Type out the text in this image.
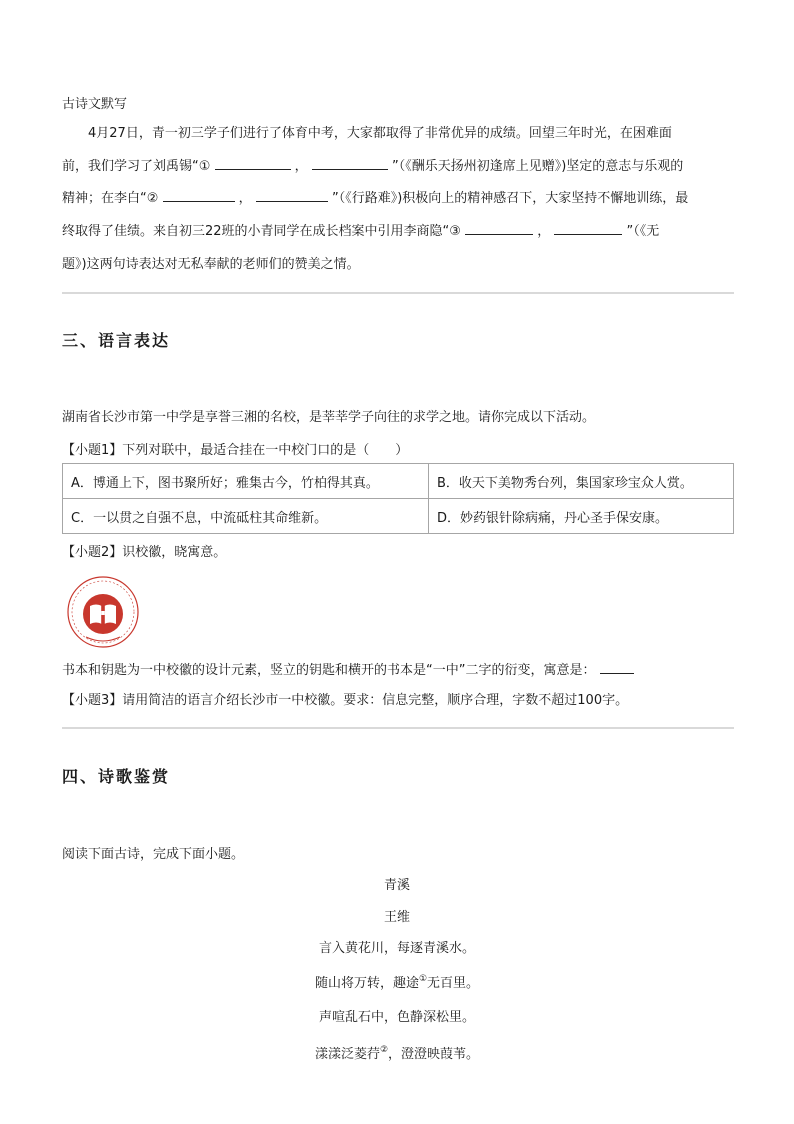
古诗文默写
4月27日，青一初三学子们进行了体育中考，大家都取得了非常优异的成绩。回望三年时光，在困难面
前，我们学习了刘禹锡“①	，	”（《酬乐天扬州初逢席上见赠》)坚定的意志与乐观的
精神；在李白“②	，	”（《行路难》)积极向上的精神感召下，大家坚持不懈地训练，最
终取得了佳绩。来自初三22班的小青同学在成长档案中引用李商隐“③	，	”（《无
题》)这两句诗表达对无私奉献的老师们的赞美之情。
三、语言表达
湖南省长沙市第一中学是享誉三湘的名校，是莘莘学子向往的求学之地。请你完成以下活动。
【小题1】下列对联中，最适合挂在一中校门口的是（　　）
A．博通上下，图书聚所好；雅集古今，竹柏得其真。	B．收天下美物秀台列，集国家珍宝众人赏。
C．一以贯之自强不息，中流砥柱其命维新。	D．妙药银针除病痛，丹心圣手保安康。
【小题2】识校徽，晓寓意。
书本和钥匙为一中校徽的设计元素，竖立的钥匙和横开的书本是“一中”二字的衍变，寓意是：
【小题3】请用简洁的语言介绍长沙市一中校徽。要求：信息完整，顺序合理，字数不超过100字。
四、诗歌鉴赏
阅读下面古诗，完成下面小题。
青溪
王维
言入黄花川，每逐青溪水。
随山将万转，趣途①无百里。
声喧乱石中，色静深松里。
漾漾泛菱荇②，澄澄映葭苇。
